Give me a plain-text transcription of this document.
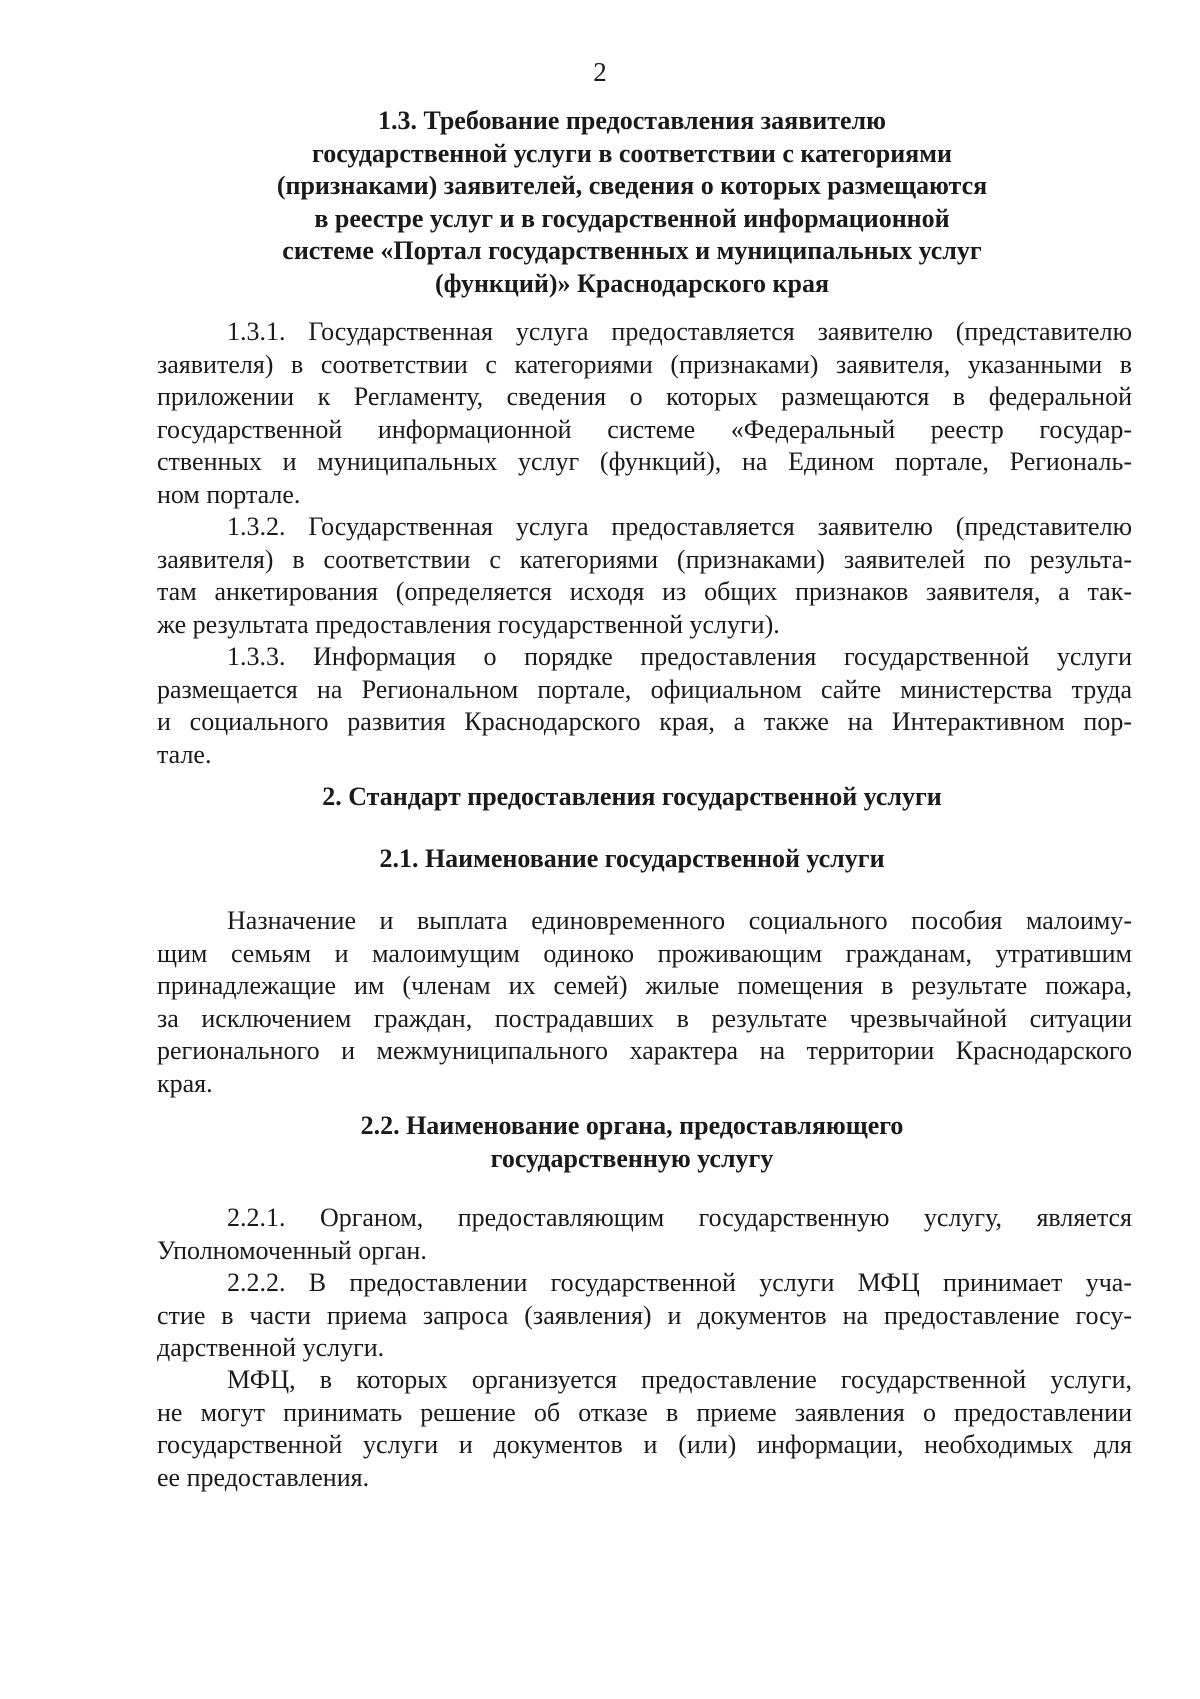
2
1.3. Требование предоставления заявителю
государственной услуги в соответствии с категориями
(признаками) заявителей, сведения о которых размещаются
в реестре услуг и в государственной информационной
системе «Портал государственных и муниципальных услуг
(функций)» Краснодарского края
1.3.1. Государственная услуга предоставляется заявителю (представителю
заявителя) в соответствии с категориями (признаками) заявителя, указанными в
приложении к Регламенту, сведения о которых размещаются в федеральной
государственной информационной системе «Федеральный реестр государ-
ственных и муниципальных услуг (функций), на Едином портале, Региональ-
ном портале.
1.3.2. Государственная услуга предоставляется заявителю (представителю
заявителя) в соответствии с категориями (признаками) заявителей по результа-
там анкетирования (определяется исходя из общих признаков заявителя, а так-
же результата предоставления государственной услуги).
1.3.3. Информация о порядке предоставления государственной услуги
размещается на Региональном портале, официальном сайте министерства труда
и социального развития Краснодарского края, а также на Интерактивном пор-
тале.
2. Стандарт предоставления государственной услуги
2.1. Наименование государственной услуги
Назначение и выплата единовременного социального пособия малоиму-
щим семьям и малоимущим одиноко проживающим гражданам, утратившим
принадлежащие им (членам их семей) жилые помещения в результате пожара,
за исключением граждан, пострадавших в результате чрезвычайной ситуации
регионального и межмуниципального характера на территории Краснодарского
края.
2.2. Наименование органа, предоставляющего
государственную услугу
2.2.1. Органом, предоставляющим государственную услугу, является
Уполномоченный орган.
2.2.2. В предоставлении государственной услуги МФЦ принимает уча-
стие в части приема запроса (заявления) и документов на предоставление госу-
дарственной услуги.
МФЦ, в которых организуется предоставление государственной услуги,
не могут принимать решение об отказе в приеме заявления о предоставлении
государственной услуги и документов и (или) информации, необходимых для
ее предоставления.
